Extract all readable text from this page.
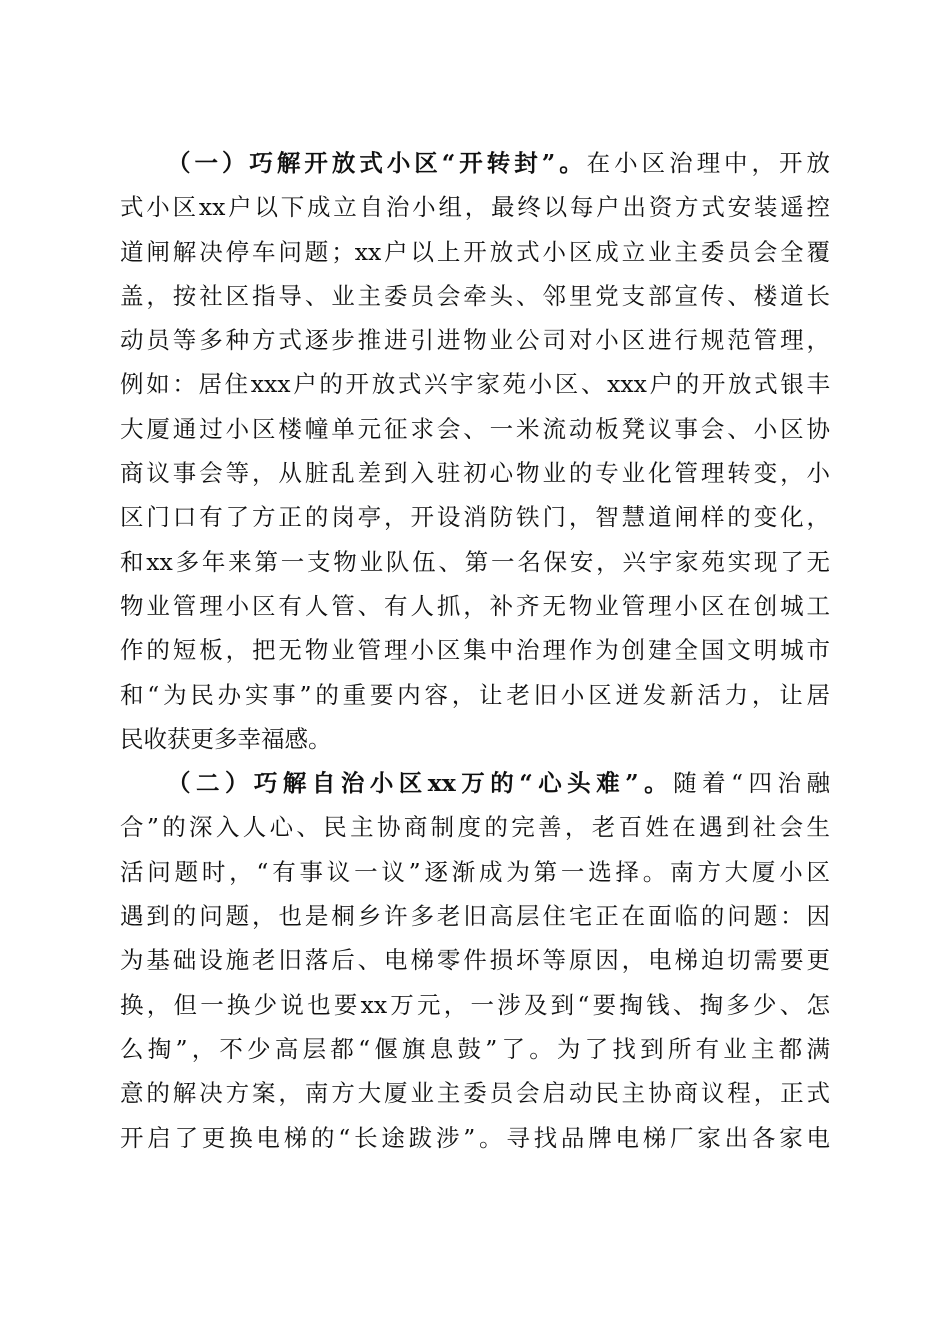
（一）巧解开放式小区“开转封”。在小区治理中，开放
式小区xx户以下成立自治小组，最终以每户出资方式安装遥控
道闸解决停车问题；xx户以上开放式小区成立业主委员会全覆
盖，按社区指导、业主委员会牵头、邻里党支部宣传、楼道长
动员等多种方式逐步推进引进物业公司对小区进行规范管理，
例如：居住xxx户的开放式兴宇家苑小区、xxx户的开放式银丰
大厦通过小区楼幢单元征求会、一米流动板凳议事会、小区协
商议事会等，从脏乱差到入驻初心物业的专业化管理转变，小
区门口有了方正的岗亭，开设消防铁门，智慧道闸样的变化，
和xx多年来第一支物业队伍、第一名保安，兴宇家苑实现了无
物业管理小区有人管、有人抓，补齐无物业管理小区在创城工
作的短板，把无物业管理小区集中治理作为创建全国文明城市
和“为民办实事”的重要内容，让老旧小区迸发新活力，让居
民收获更多幸福感。
（二）巧解自治小区xx万的“心头难”。随着“四治融
合”的深入人心、民主协商制度的完善，老百姓在遇到社会生
活问题时，“有事议一议”逐渐成为第一选择。南方大厦小区
遇到的问题，也是桐乡许多老旧高层住宅正在面临的问题：因
为基础设施老旧落后、电梯零件损坏等原因，电梯迫切需要更
换，但一换少说也要xx万元，一涉及到“要掏钱、掏多少、怎
么掏”，不少高层都“偃旗息鼓”了。为了找到所有业主都满
意的解决方案，南方大厦业主委员会启动民主协商议程，正式
开启了更换电梯的“长途跋涉”。寻找品牌电梯厂家出各家电
